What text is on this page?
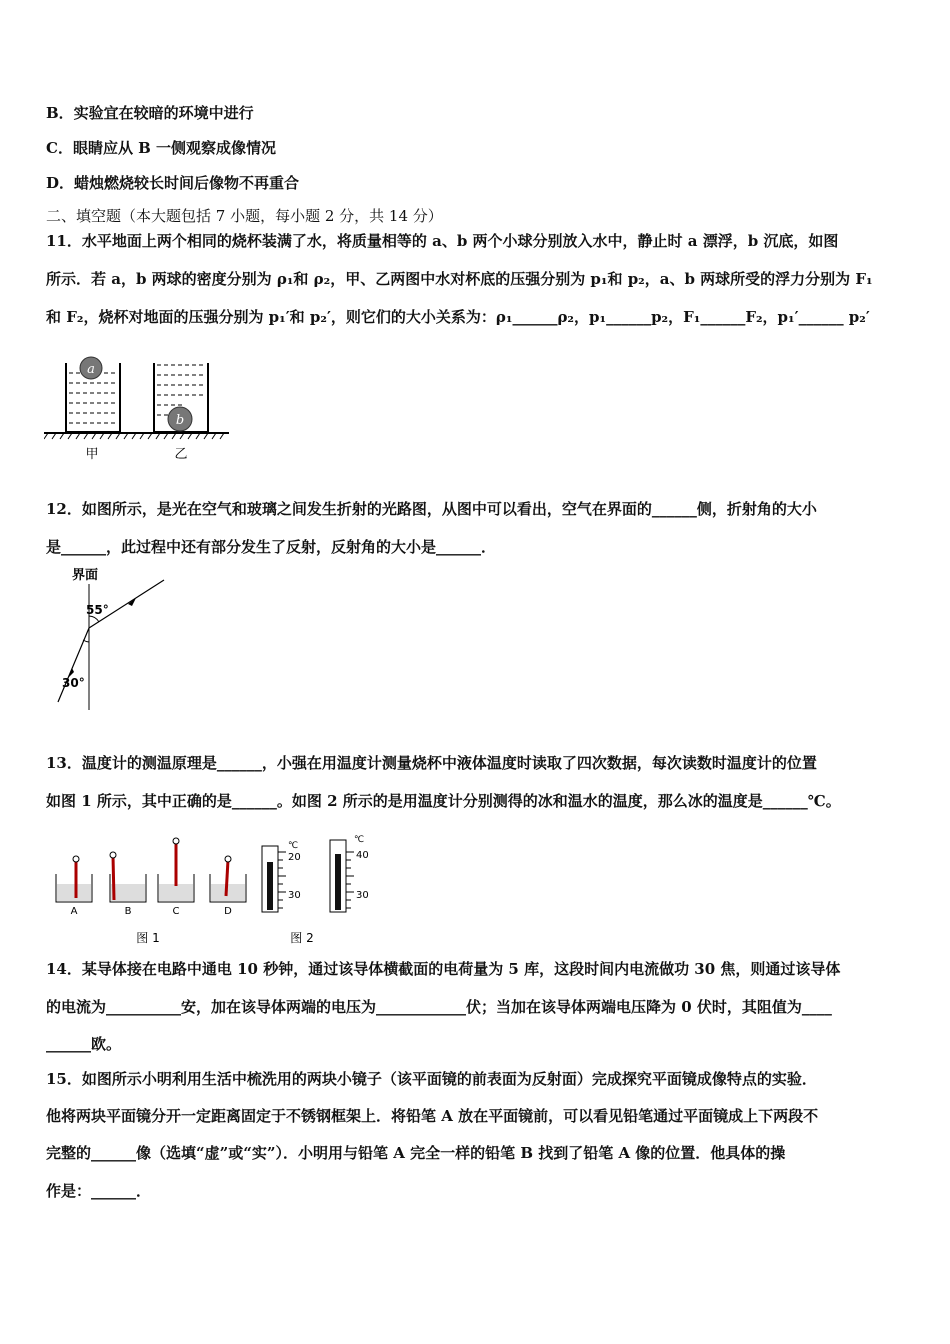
B．实验宜在较暗的环境中进行
C．眼睛应从 B 一侧观察成像情况
D．蜡烛燃烧较长时间后像物不再重合
二、填空题（本大题包括 7 小题，每小题 2 分，共 14 分）
11．水平地面上两个相同的烧杯装满了水，将质量相等的 a、b 两个小球分别放入水中，静止时 a 漂浮，b 沉底，如图
所示．若 a，b 两球的密度分别为 ρ₁和 ρ₂，甲、乙两图中水对杯底的压强分别为 p₁和 p₂，a、b 两球所受的浮力分别为 F₁
和 F₂，烧杯对地面的压强分别为 p₁′和 p₂′，则它们的大小关系为：ρ₁______ρ₂，p₁______p₂，F₁______F₂，p₁′______ p₂′
a
b
甲	乙
12．如图所示，是光在空气和玻璃之间发生折射的光路图，从图中可以看出，空气在界面的______侧，折射角的大小
是______，此过程中还有部分发生了反射，反射角的大小是______．
界面
55°
30°
13．温度计的测温原理是______，小强在用温度计测量烧杯中液体温度时读取了四次数据，每次读数时温度计的位置
如图 1 所示，其中正确的是______。如图 2 所示的是用温度计分别测得的冰和温水的温度，那么冰的温度是______℃。
A	B	C	D
图 1
℃
20
30
℃
40
30
图 2
14．某导体接在电路中通电 10 秒钟，通过该导体横截面的电荷量为 5 库，这段时间内电流做功 30 焦，则通过该导体
的电流为__________安，加在该导体两端的电压为____________伏；当加在该导体两端电压降为 0 伏时，其阻值为____
______欧。
15．如图所示小明利用生活中梳洗用的两块小镜子（该平面镜的前表面为反射面）完成探究平面镜成像特点的实验．
他将两块平面镜分开一定距离固定于不锈钢框架上．将铅笔 A 放在平面镜前，可以看见铅笔通过平面镜成上下两段不
完整的______像（选填“虚”或“实”）．小明用与铅笔 A 完全一样的铅笔 B 找到了铅笔 A 像的位置．他具体的操
作是：______．
